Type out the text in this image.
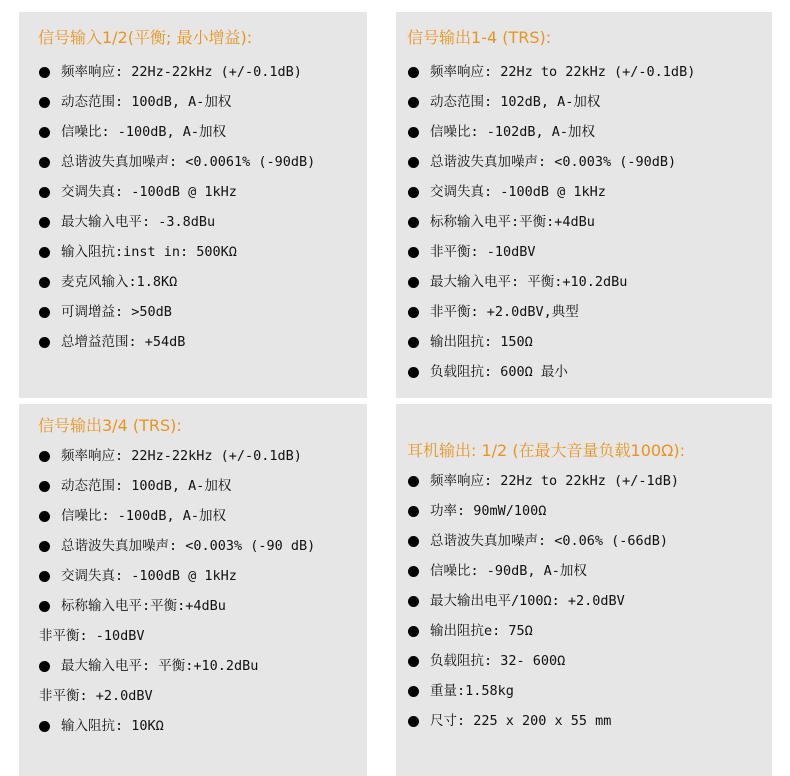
信号输入1/2(平衡; 最小增益):
频率响应: 22Hz-22kHz (+/-0.1dB)
动态范围: 100dB, A-加权
信噪比: -100dB, A-加权
总谐波失真加噪声: <0.0061% (-90dB)
交调失真: -100dB @ 1kHz
最大输入电平: -3.8dBu
输入阻抗:inst in: 500KΩ
麦克风输入:1.8KΩ
可调增益: >50dB
总增益范围: +54dB
信号输出1-4 (TRS):
频率响应: 22Hz to 22kHz (+/-0.1dB)
动态范围: 102dB, A-加权
信噪比: -102dB, A-加权
总谐波失真加噪声: <0.003% (-90dB)
交调失真: -100dB @ 1kHz
标称输入电平:平衡:+4dBu
非平衡: -10dBV
最大输入电平: 平衡:+10.2dBu
非平衡: +2.0dBV,典型
输出阻抗: 150Ω
负载阻抗: 600Ω 最小
信号输出3/4 (TRS):
频率响应: 22Hz-22kHz (+/-0.1dB)
动态范围: 100dB, A-加权
信噪比: -100dB, A-加权
总谐波失真加噪声: <0.003% (-90 dB)
交调失真: -100dB @ 1kHz
标称输入电平:平衡:+4dBu
非平衡: -10dBV
最大输入电平: 平衡:+10.2dBu
非平衡: +2.0dBV
输入阻抗: 10KΩ
耳机输出: 1/2 (在最大音量负载100Ω):
频率响应: 22Hz to 22kHz (+/-1dB)
功率: 90mW/100Ω
总谐波失真加噪声: <0.06% (-66dB)
信噪比: -90dB, A-加权
最大输出电平/100Ω: +2.0dBV
输出阻抗e: 75Ω
负载阻抗: 32- 600Ω
重量:1.58kg
尺寸: 225 x 200 x 55 mm
